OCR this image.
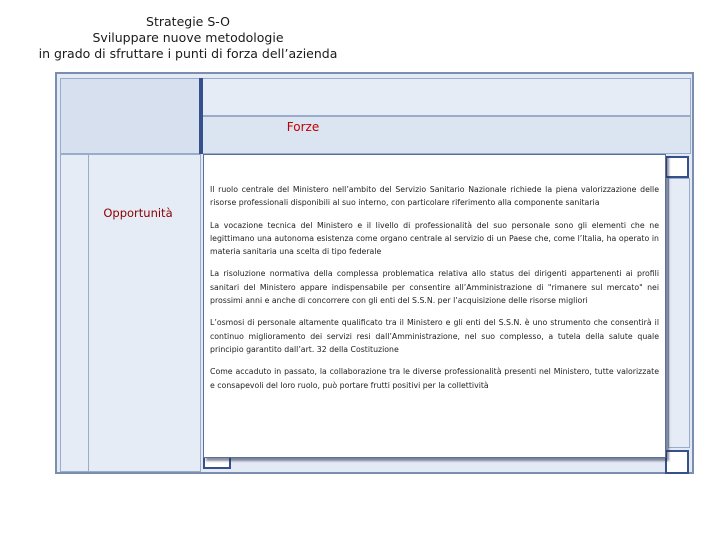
Strategie S-O
Sviluppare nuove metodologie
in grado di sfruttare i punti di forza dell’azienda
Forze
Opportunità

Il ruolo centrale del Ministero nell’ambito del Servizio Sanitario Nazionale richiede la piena valorizzazione delle risorse professionali disponibili al suo interno, con particolare riferimento alla componente sanitaria

La vocazione tecnica del Ministero e il livello di professionalità del suo personale sono gli elementi che ne legittimano una autonoma esistenza come organo centrale al servizio di un Paese che, come l’Italia, ha operato in materia sanitaria una scelta di tipo federale

La risoluzione normativa della complessa problematica relativa allo status dei dirigenti appartenenti ai profili sanitari del Ministero appare indispensabile per consentire all’Amministrazione di "rimanere sul mercato" nei prossimi anni e anche di concorrere con gli enti del S.S.N. per l’acquisizione delle risorse migliori

L’osmosi di personale altamente qualificato tra il Ministero e gli enti del S.S.N. è uno strumento che consentirà il continuo miglioramento dei servizi resi dall’Amministrazione, nel suo complesso, a tutela della salute quale principio garantito dall’art. 32 della Costituzione

Come accaduto in passato, la collaborazione tra le diverse professionalità presenti nel Ministero, tutte valorizzate e consapevoli del loro ruolo, può portare frutti positivi per la collettività
